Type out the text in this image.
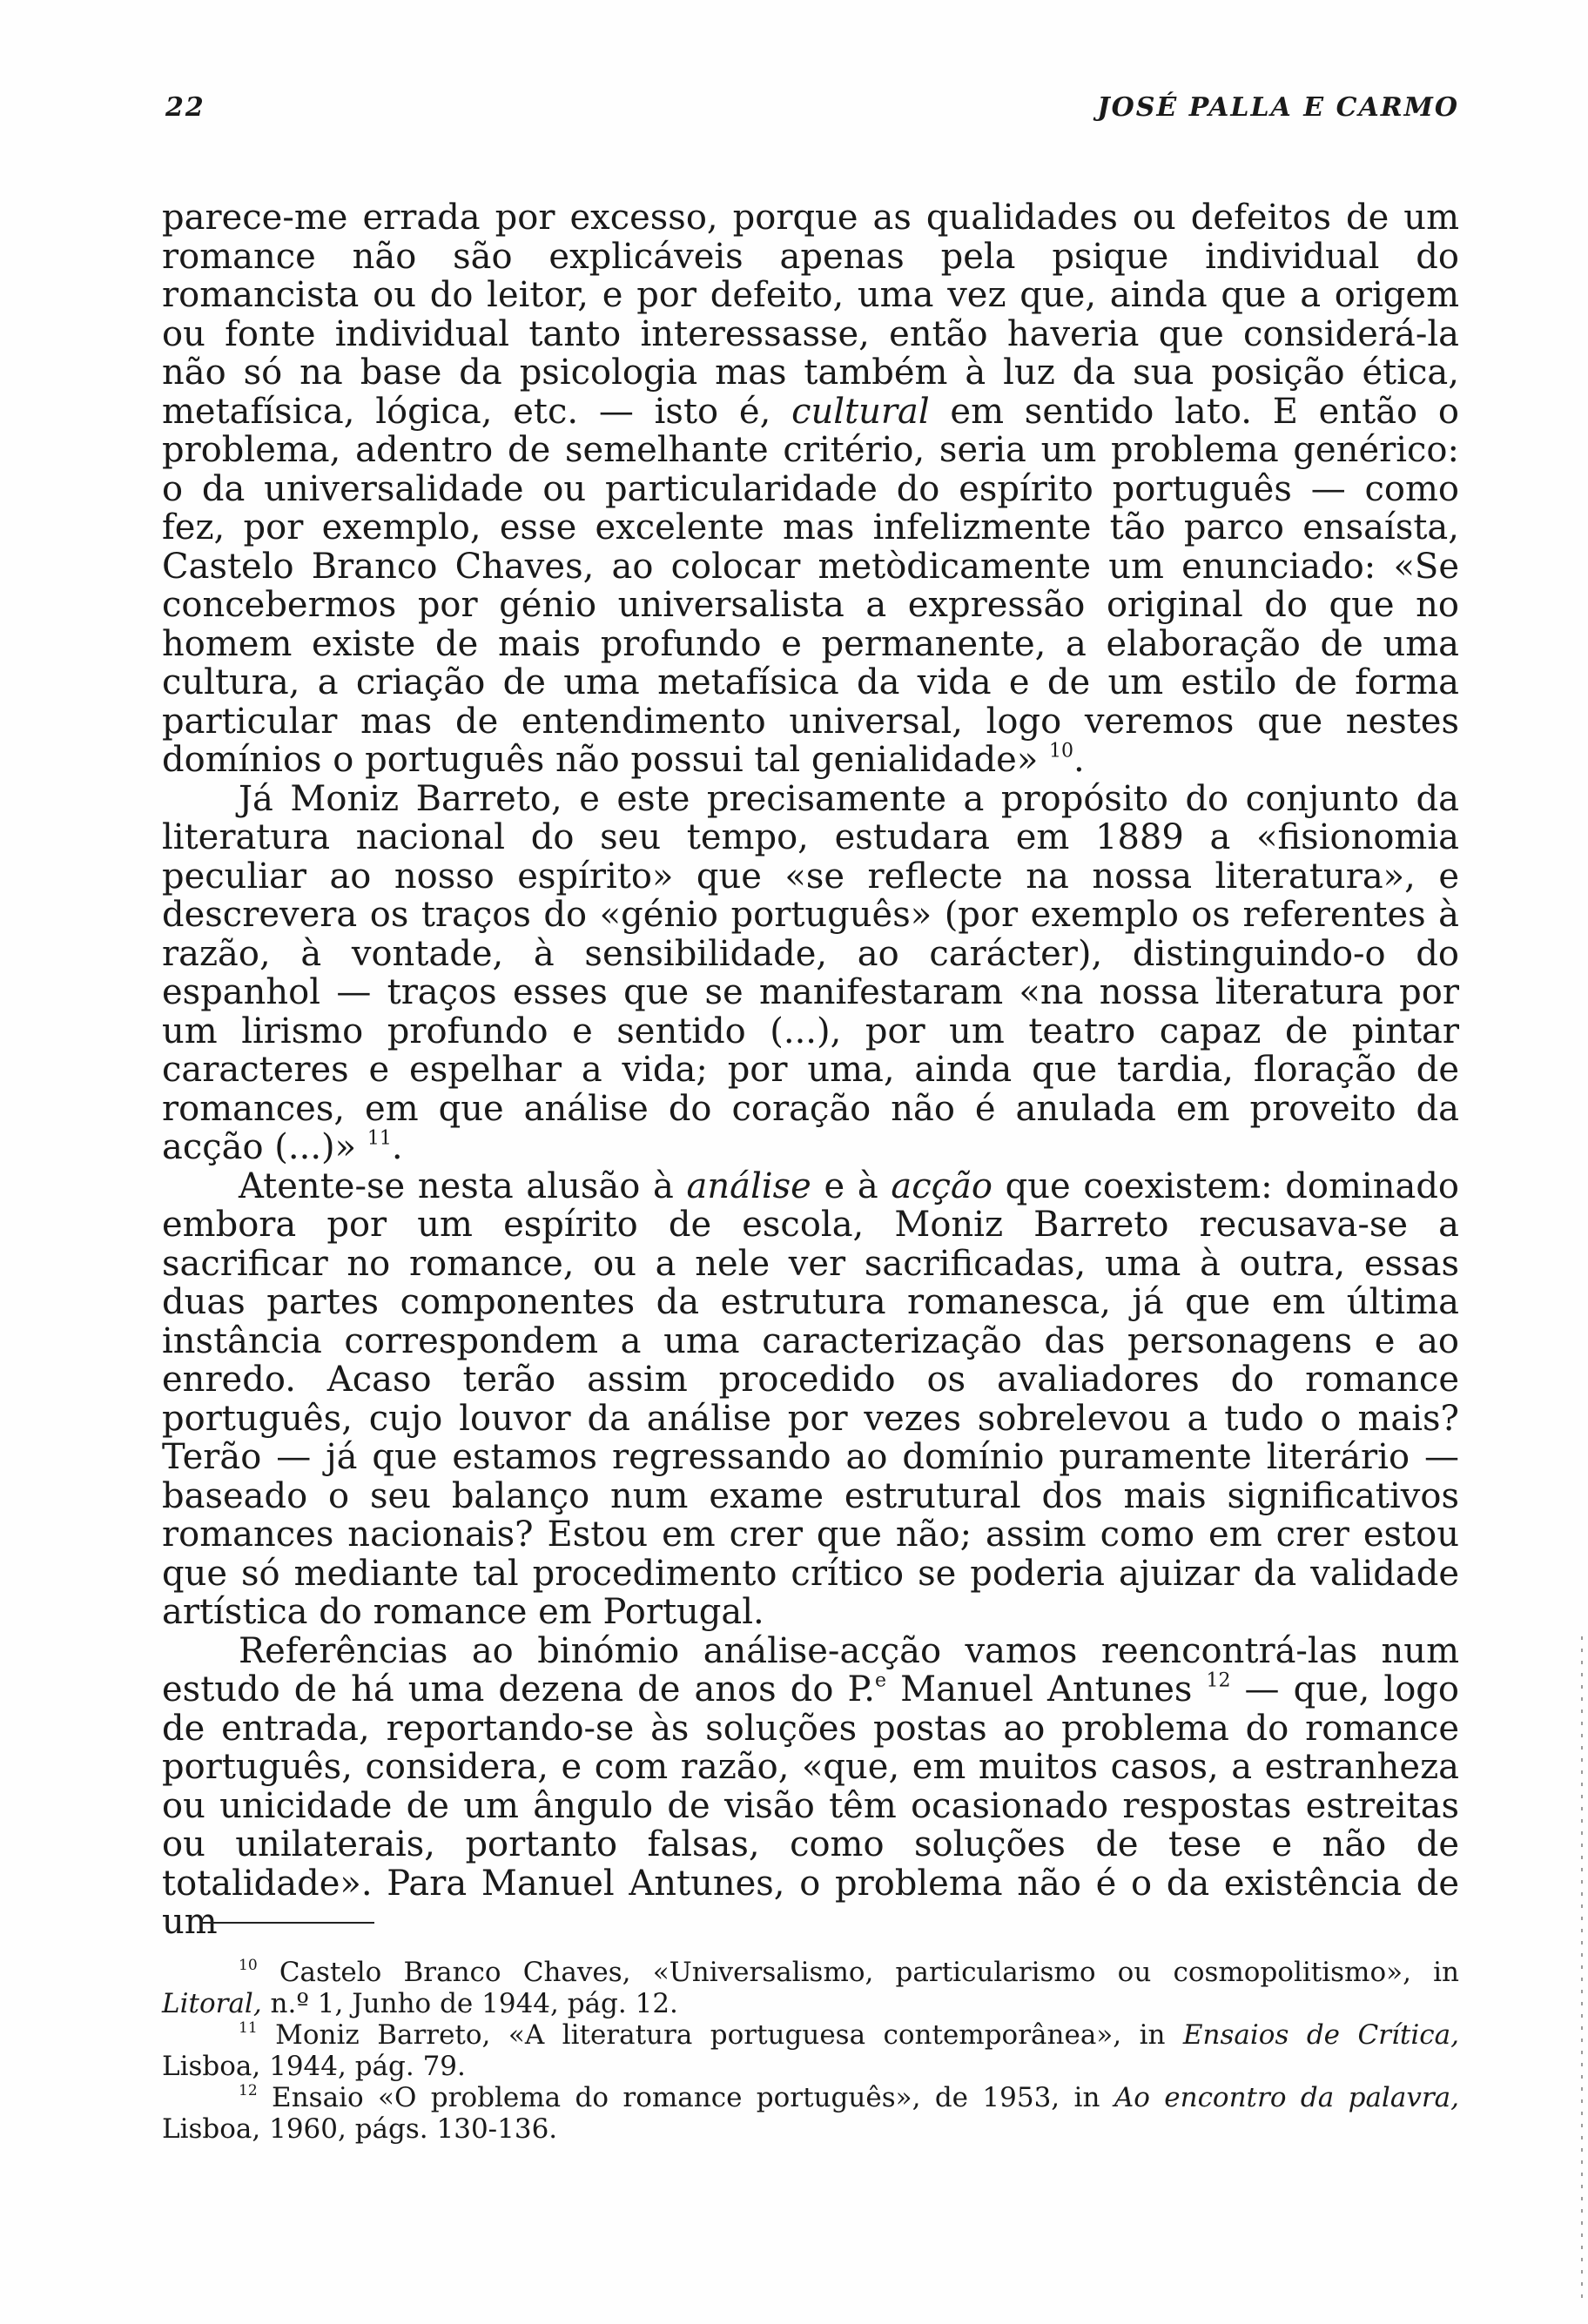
22	JOSÉ PALLA E CARMO

parece-me errada por excesso, porque as qualidades ou defeitos de um romance não são explicáveis apenas pela psique individual do romancista ou do leitor, e por defeito, uma vez que, ainda que a origem ou fonte individual tanto interessasse, então haveria que considerá-la não só na base da psicologia mas também à luz da sua posição ética, metafísica, lógica, etc. — isto é, cultural em sentido lato. E então o problema, adentro de semelhante critério, seria um problema genérico: o da universalidade ou particularidade do espírito português — como fez, por exemplo, esse excelente mas infelizmente tão parco ensaísta, Castelo Branco Chaves, ao colocar metòdicamente um enunciado: «Se concebermos por génio universalista a expressão original do que no homem existe de mais profundo e permanente, a elaboração de uma cultura, a criação de uma metafísica da vida e de um estilo de forma particular mas de entendimento universal, logo veremos que nestes domínios o português não possui tal genialidade» $^{10}$.

Já Moniz Barreto, e este precisamente a propósito do conjunto da literatura nacional do seu tempo, estudara em 1889 a «fisionomia peculiar ao nosso espírito» que «se reflecte na nossa literatura», e descrevera os traços do «génio português» (por exemplo os referentes à razão, à vontade, à sensibilidade, ao carácter), distinguindo-o do espanhol — traços esses que se manifestaram «na nossa literatura por um lirismo profundo e sentido (...), por um teatro capaz de pintar caracteres e espelhar a vida; por uma, ainda que tardia, floração de romances, em que análise do coração não é anulada em proveito da acção (...)» $^{11}$.

Atente-se nesta alusão à análise e à acção que coexistem: dominado embora por um espírito de escola, Moniz Barreto recusava-se a sacrificar no romance, ou a nele ver sacrificadas, uma à outra, essas duas partes componentes da estrutura romanesca, já que em última instância correspondem a uma caracterização das personagens e ao enredo. Acaso terão assim procedido os avaliadores do romance português, cujo louvor da análise por vezes sobrelevou a tudo o mais? Terão — já que estamos regressando ao domínio puramente literário — baseado o seu balanço num exame estrutural dos mais significativos romances nacionais? Estou em crer que não; assim como em crer estou que só mediante tal procedimento crítico se poderia ajuizar da validade artística do romance em Portugal.

Referências ao binómio análise-acção vamos reencontrá-las num estudo de há uma dezena de anos do P.$^e$ Manuel Antunes $^{12}$ — que, logo de entrada, reportando-se às soluções postas ao problema do romance português, considera, e com razão, «que, em muitos casos, a estranheza ou unicidade de um ângulo de visão têm ocasionado respostas estreitas ou unilaterais, portanto falsas, como soluções de tese e não de totalidade». Para Manuel Antunes, o problema não é o da existência de um

$^{10}$ Castelo Branco Chaves, «Universalismo, particularismo ou cosmopolitismo», in Litoral, n.º 1, Junho de 1944, pág. 12.

$^{11}$ Moniz Barreto, «A literatura portuguesa contemporânea», in Ensaios de Crítica, Lisboa, 1944, pág. 79.

$^{12}$ Ensaio «O problema do romance português», de 1953, in Ao encontro da palavra, Lisboa, 1960, págs. 130-136.
